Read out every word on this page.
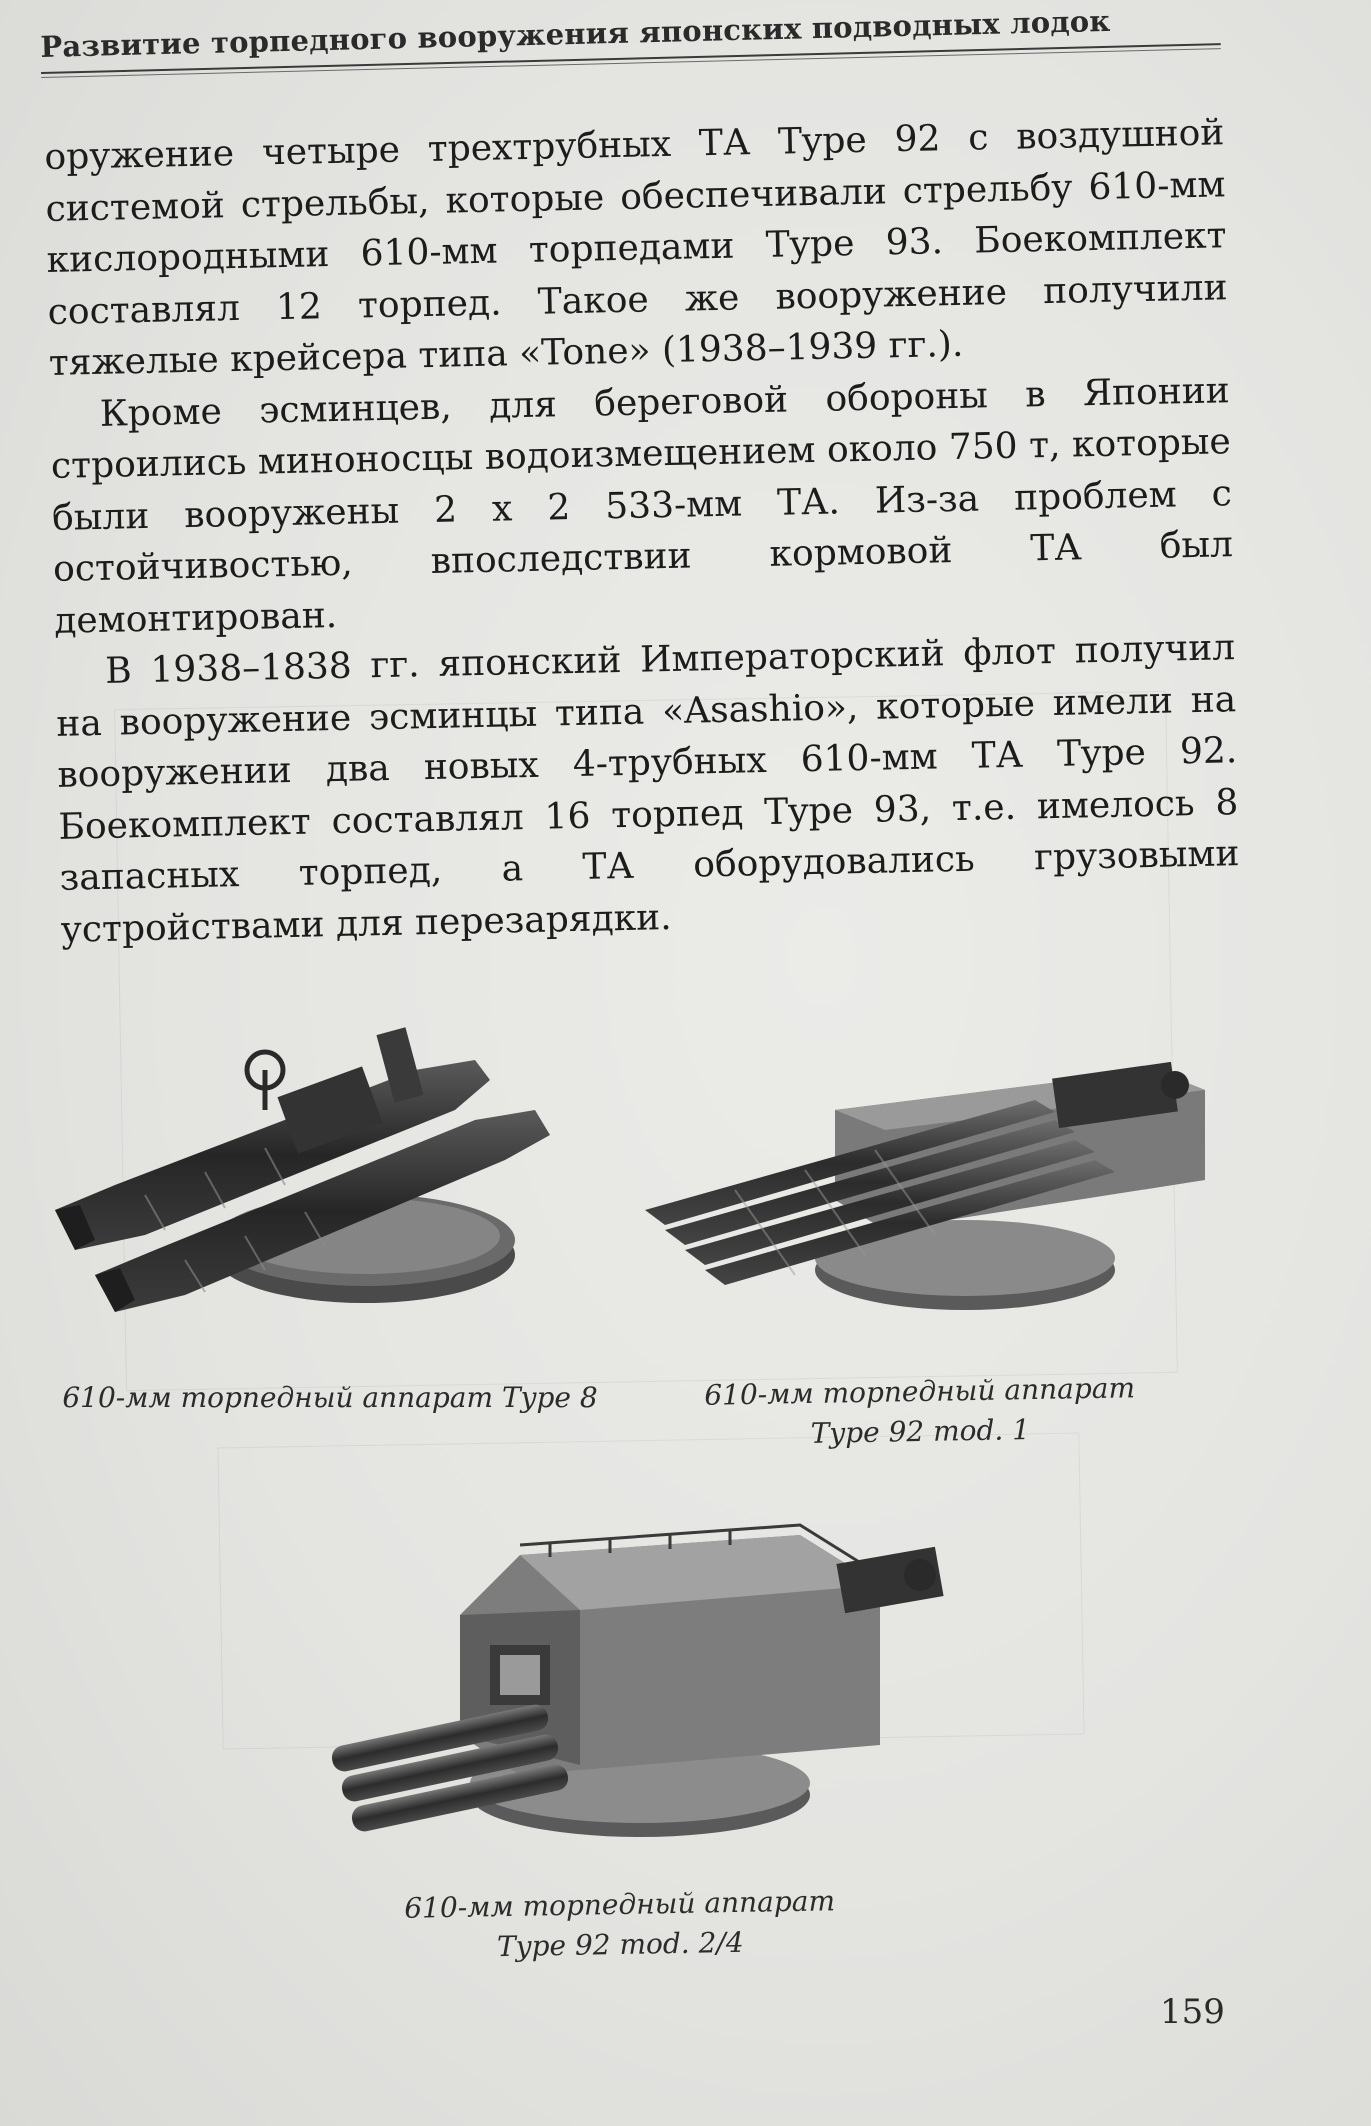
Развитие торпедного вооружения японских подводных лодок

оружение четыре трехтрубных ТА Type 92 с воздушной системой стрельбы, которые обеспечивали стрельбу 610-мм кислородными 610-мм торпедами Type 93. Боекомплект составлял 12 торпед. Такое же вооружение получили тяжелые крейсера типа «Tone» (1938–1939 гг.).

Кроме эсминцев, для береговой обороны в Японии строились миноносцы водоизмещением около 750 т, которые были вооружены 2 x 2 533-мм ТА. Из-за проблем с остойчивостью, впоследствии кормовой ТА был демонтирован.

В 1938–1838 гг. японский Императорский флот получил на вооружение эсминцы типа «Asashio», которые имели на вооружении два новых 4-трубных 610-мм ТА Type 92. Боекомплект составлял 16 торпед Type 93, т.е. имелось 8 запасных торпед, а ТА оборудовались грузовыми устройствами для перезарядки.

610-мм торпедный аппарат Type 8	610-мм торпедный аппарат
Type 92 mod. 1
610-мм торпедный аппарат
Type 92 mod. 2/4
159
